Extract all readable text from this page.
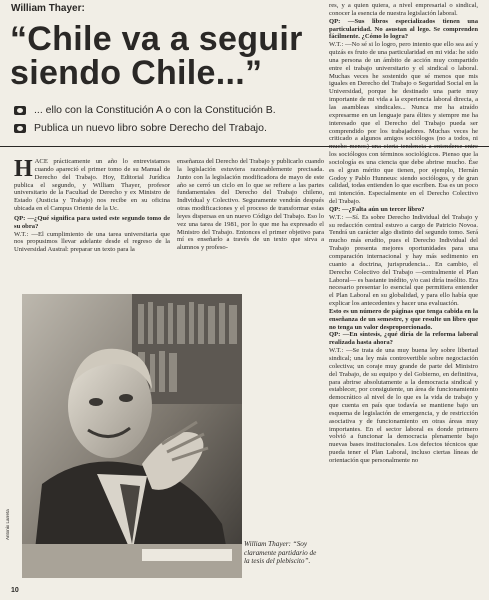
William Thayer:
“Chile va a seguir
siendo Chile...”
... ello con la Constitución A o con la Constitución B.
Publica un nuevo libro sobre Derecho del Trabajo.
H ACE prácticamente un año lo entrevistamos cuando apareció el primer tomo de su Manual de Derecho del Trabajo. Hoy, Editorial Jurídica publica el segundo, y William Thayer, profesor universitario de la Facultad de Derecho y ex Ministro de Estado (Justicia y Trabajo) nos recibe en su oficina ubicada en el Campus Oriente de la Uc.

QP: —¿Qué significa para usted este segundo tomo de su obra?

W.T.: —El cumplimiento de una tarea universitaria que nos propusimos llevar adelante desde el regreso de la Universidad Austral: preparar un texto para la

enseñanza del Derecho del Trabajo y publicarlo cuando la legislación estuviera razonablemente precisada. Junto con la legislación modificadora de mayo de este año se cerró un ciclo en lo que se refiere a las partes fundamentales del Derecho del Trabajo chileno, Individual y Colectivo. Seguramente vendrán después otras modificaciones y el proceso de transformar estas leyes dispersas en un nuevo Código del Trabajo. Eso lo vez una tarea de 1981, por lo que me ha expresado el Ministro del Trabajo. Entonces el primer objetivo para mí es enseñarlo a través de un texto que sirva a alumnos y profeso-

res, y a quien quiera, a nivel empresarial o sindical, conocer la esencia de nuestra legislación laboral.

QP: —Sus libros especializados tienen una particularidad. No asustan al lego. Se comprenden fácilmente. ¿Cómo lo logra?

W.T.: —No sé si lo logro, pero intento que ello sea así y quizás es fruto de una particularidad en mi vida: he sido una persona de un ámbito de acción muy compartido entre el trabajo universitario y el sindical o laboral. Muchas veces he sostenido que sé menos que mis iguales en Derecho del Trabajo o Seguridad Social en la Universidad, porque he destinado una parte muy importante de mi vida a la experiencia laboral directa, a las asambleas sindicales... Nunca me ha atraído expresarme en un lenguaje para élites y siempre me ha interesado que el Derecho del Trabajo pueda ser comprendido por los trabajadores. Muchas veces he criticado a algunos amigos sociólogos (no a todos, ni mucho menos) una cierta tendencia a entenderse entre los sociólogos con términos sociológicos. Pienso que la sociología es una ciencia que debe abrirse mucho. Ése es el gran mérito que tienen, por ejemplo, Hernán Godoy y Pablo Hunneus: siendo sociólogos, y de gran calidad, todas entienden lo que escriben. Esa es un poco mi intención. Especialmente en el Derecho Colectivo del Trabajo.

QP: —¿Falta aún un tercer libro?

W.T.: —Sí. Es sobre Derecho Individual del Trabajo y su redacción central estuvo a cargo de Patricio Novoa. Tendrá un carácter algo distinto del segundo tomo. Será mucho más erudito, pues el Derecho Individual del Trabajo presenta mejores oportunidades para una comparación internacional y hay más sedimento en cuanto a doctrina, jurisprudencia... En cambio, el Derecho Colectivo del Trabajo —centralmente el Plan Laboral— es bastante inédito, y/o casi diría insólito. Era necesario presentar lo esencial que permitiera entender el Plan Laboral en su globalidad, y para ello había que explicar los antecedentes y hacer una evaluación.

Esto es un número de páginas que tenga cabida en la enseñanza de un semestre, y que resulte un libro que no tenga un valor desproporcionado.

QP: —En síntesis, ¿qué diría de la reforma laboral realizada hasta ahora?

W.T.: —Se trata de una muy buena ley sobre libertad sindical; una ley más controvertible sobre negociación colectiva; un coraje muy grande de parte del Ministro del Trabajo, de su equipo y del Gobierno, en definitiva, para abrirse absolutamente a la democracia sindical y establecer, por consiguiente, un área de funcionamiento democrático al nivel de lo que es la vida de trabajo y que cuenta en país que todavía se mantiene bajo un esquema de legislación de emergencia, y de restricción asociativa y de funcionamiento en otras áreas muy importantes. En el sector laboral es donde primero volvió a funcionar la democracia plenamente bajo nuevas bases institucionales. Los defectos técnicos que pueda tener el Plan Laboral, incluso ciertas líneas de orientación que personalmente no

Antonio Larreta
William Thayer: “Soy claramente partidario de la tesis del plebiscito”.
10
